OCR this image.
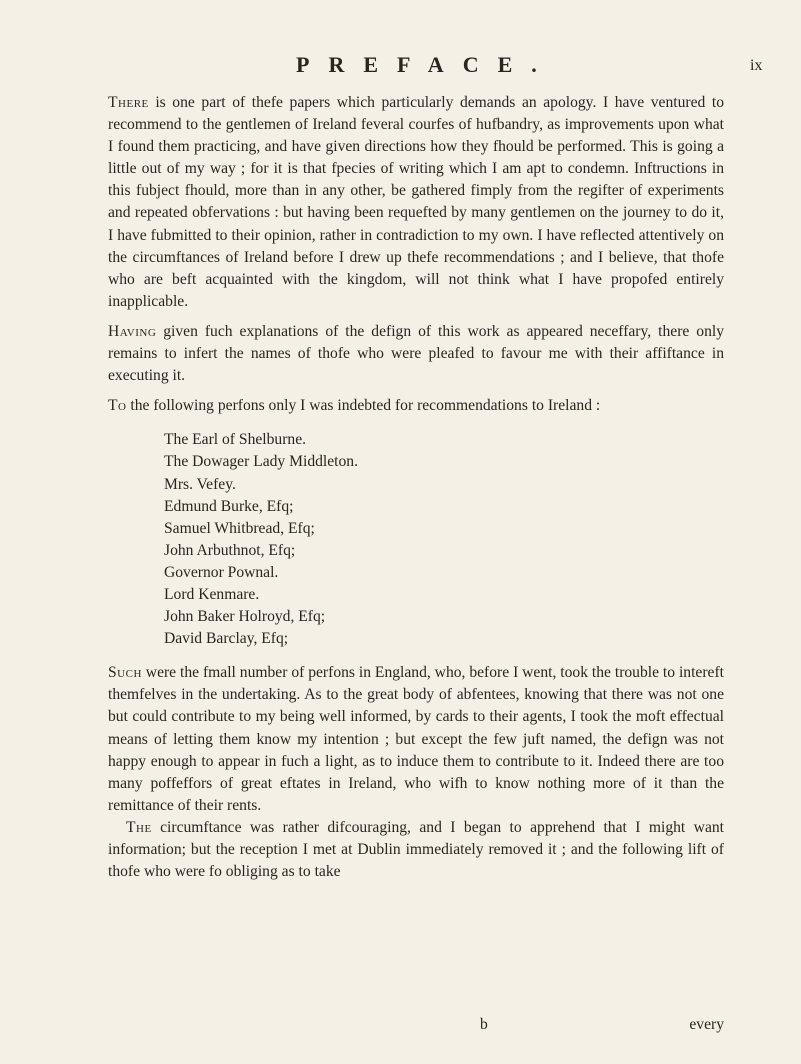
PREFACE.	ix

There is one part of thefe papers which particularly demands an apology. I have ventured to recommend to the gentlemen of Ireland feveral courfes of hufbandry, as improvements upon what I found them practicing, and have given directions how they fhould be performed. This is going a little out of my way ; for it is that fpecies of writing which I am apt to condemn. Inftructions in this fubject fhould, more than in any other, be gathered fimply from the regifter of experiments and repeated obfervations : but having been requefted by many gentlemen on the journey to do it, I have fubmitted to their opinion, rather in contradiction to my own. I have reflected attentively on the circumftances of Ireland before I drew up thefe recommendations ; and I believe, that thofe who are beft acquainted with the kingdom, will not think what I have propofed entirely inapplicable.

Having given fuch explanations of the defign of this work as appeared neceffary, there only remains to infert the names of thofe who were pleafed to favour me with their affiftance in executing it.

To the following perfons only I was indebted for recommendations to Ireland :

The Earl of Shelburne.
The Dowager Lady Middleton.
Mrs. Vefey.
Edmund Burke, Efq;
Samuel Whitbread, Efq;
John Arbuthnot, Efq;
Governor Pownal.
Lord Kenmare.
John Baker Holroyd, Efq;
David Barclay, Efq;

Such were the fmall number of perfons in England, who, before I went, took the trouble to intereft themfelves in the undertaking. As to the great body of abfentees, knowing that there was not one but could contribute to my being well informed, by cards to their agents, I took the moft effectual means of letting them know my intention ; but except the few juft named, the defign was not happy enough to appear in fuch a light, as to induce them to contribute to it. Indeed there are too many poffeffors of great eftates in Ireland, who wifh to know nothing more of it than the remittance of their rents.

The circumftance was rather difcouraging, and I began to apprehend that I might want information; but the reception I met at Dublin immediately removed it ; and the following lift of thofe who were fo obliging as to take

b	every
